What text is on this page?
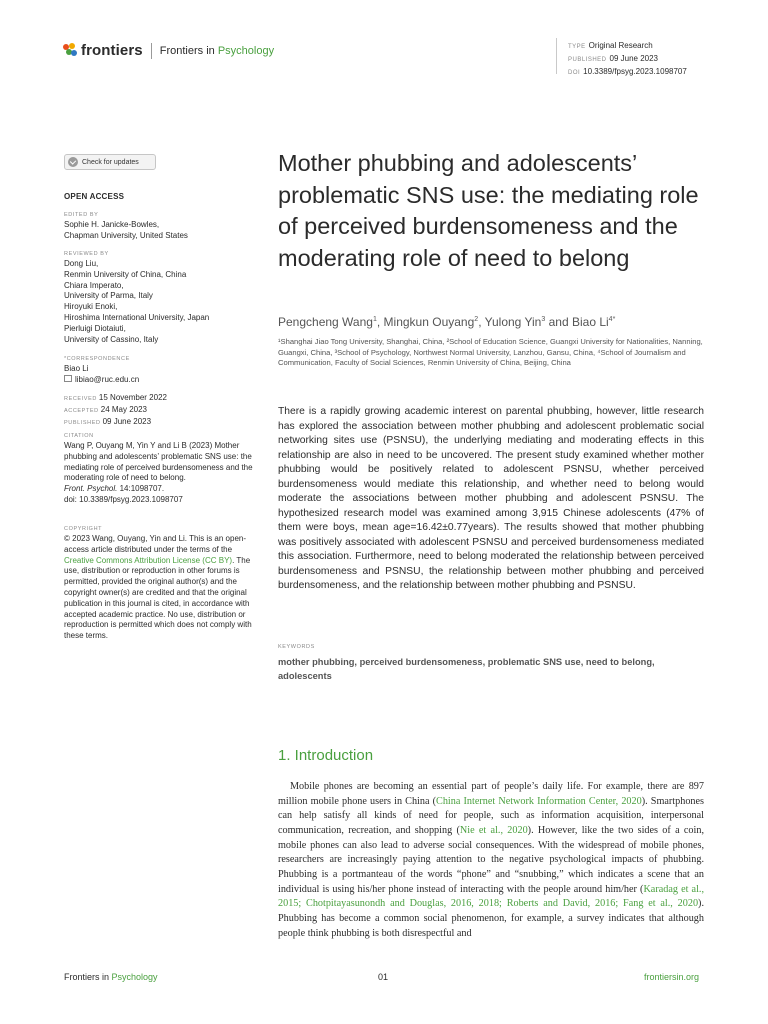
frontiers Frontiers in Psychology	TYPE Original Research
PUBLISHED 09 June 2023
DOI 10.3389/fpsyg.2023.1098707
Check for updates
OPEN ACCESS
EDITED BY
Sophie H. Janicke-Bowles,
Chapman University, United States
REVIEWED BY
Dong Liu,
Renmin University of China, China
Chiara Imperato,
University of Parma, Italy
Hiroyuki Enoki,
Hiroshima International University, Japan
Pierluigi Diotaiuti,
University of Cassino, Italy
*CORRESPONDENCE
Biao Li
libiao@ruc.edu.cn
RECEIVED 15 November 2022
ACCEPTED 24 May 2023
PUBLISHED 09 June 2023
CITATION
Wang P, Ouyang M, Yin Y and Li B (2023) Mother phubbing and adolescents’ problematic SNS use: the mediating role of perceived burdensomeness and the moderating role of need to belong.
Front. Psychol. 14:1098707.
doi: 10.3389/fpsyg.2023.1098707
COPYRIGHT
© 2023 Wang, Ouyang, Yin and Li. This is an open-access article distributed under the terms of the Creative Commons Attribution License (CC BY). The use, distribution or reproduction in other forums is permitted, provided the original author(s) and the copyright owner(s) are credited and that the original publication in this journal is cited, in accordance with accepted academic practice. No use, distribution or reproduction is permitted which does not comply with these terms.
Mother phubbing and adolescents’ problematic SNS use: the mediating role of perceived burdensomeness and the moderating role of need to belong
Pengcheng Wang$^1$, Mingkun Ouyang$^2$, Yulong Yin$^3$ and Biao $Li^{4*}$
¹Shanghai Jiao Tong University, Shanghai, China, ²School of Education Science, Guangxi University for Nationalities, Nanning, Guangxi, China, ³School of Psychology, Northwest Normal University, Lanzhou, Gansu, China, ⁴School of Journalism and Communication, Faculty of Social Sciences, Renmin University of China, Beijing, China
There is a rapidly growing academic interest on parental phubbing, however, little research has explored the association between mother phubbing and adolescent problematic social networking sites use (PSNSU), the underlying mediating and moderating effects in this relationship are also in need to be uncovered. The present study examined whether mother phubbing would be positively related to adolescent PSNSU, whether perceived burdensomeness would mediate this relationship, and whether need to belong would moderate the associations between mother phubbing and adolescent PSNSU. The hypothesized research model was examined among 3,915 Chinese adolescents (47% of them were boys, mean age=16.42±0.77years). The results showed that mother phubbing was positively associated with adolescent PSNSU and perceived burdensomeness mediated this association. Furthermore, need to belong moderated the relationship between perceived burdensomeness and PSNSU, the relationship between mother phubbing and perceived burdensomeness, and the relationship between mother phubbing and PSNSU.
KEYWORDS
mother phubbing, perceived burdensomeness, problematic SNS use, need to belong, adolescents
1. Introduction

Mobile phones are becoming an essential part of people’s daily life. For example, there are 897 million mobile phone users in China (China Internet Network Information Center, 2020). Smartphones can help satisfy all kinds of need for people, such as information acquisition, interpersonal communication, recreation, and shopping (Nie et al., 2020). However, like the two sides of a coin, mobile phones can also lead to adverse social consequences. With the widespread of mobile phones, researchers are increasingly paying attention to the negative psychological impacts of phubbing. Phubbing is a portmanteau of the words “phone” and “snubbing,” which indicates a scene that an individual is using his/her phone instead of interacting with the people around him/her (Karadag et al., 2015; Chotpitayasunondh and Douglas, 2016, 2018; Roberts and David, 2016; Fang et al., 2020). Phubbing has become a common social phenomenon, for example, a survey indicates that although people think phubbing is both disrespectful and

Frontiers in Psychology	01	frontiersin.org
